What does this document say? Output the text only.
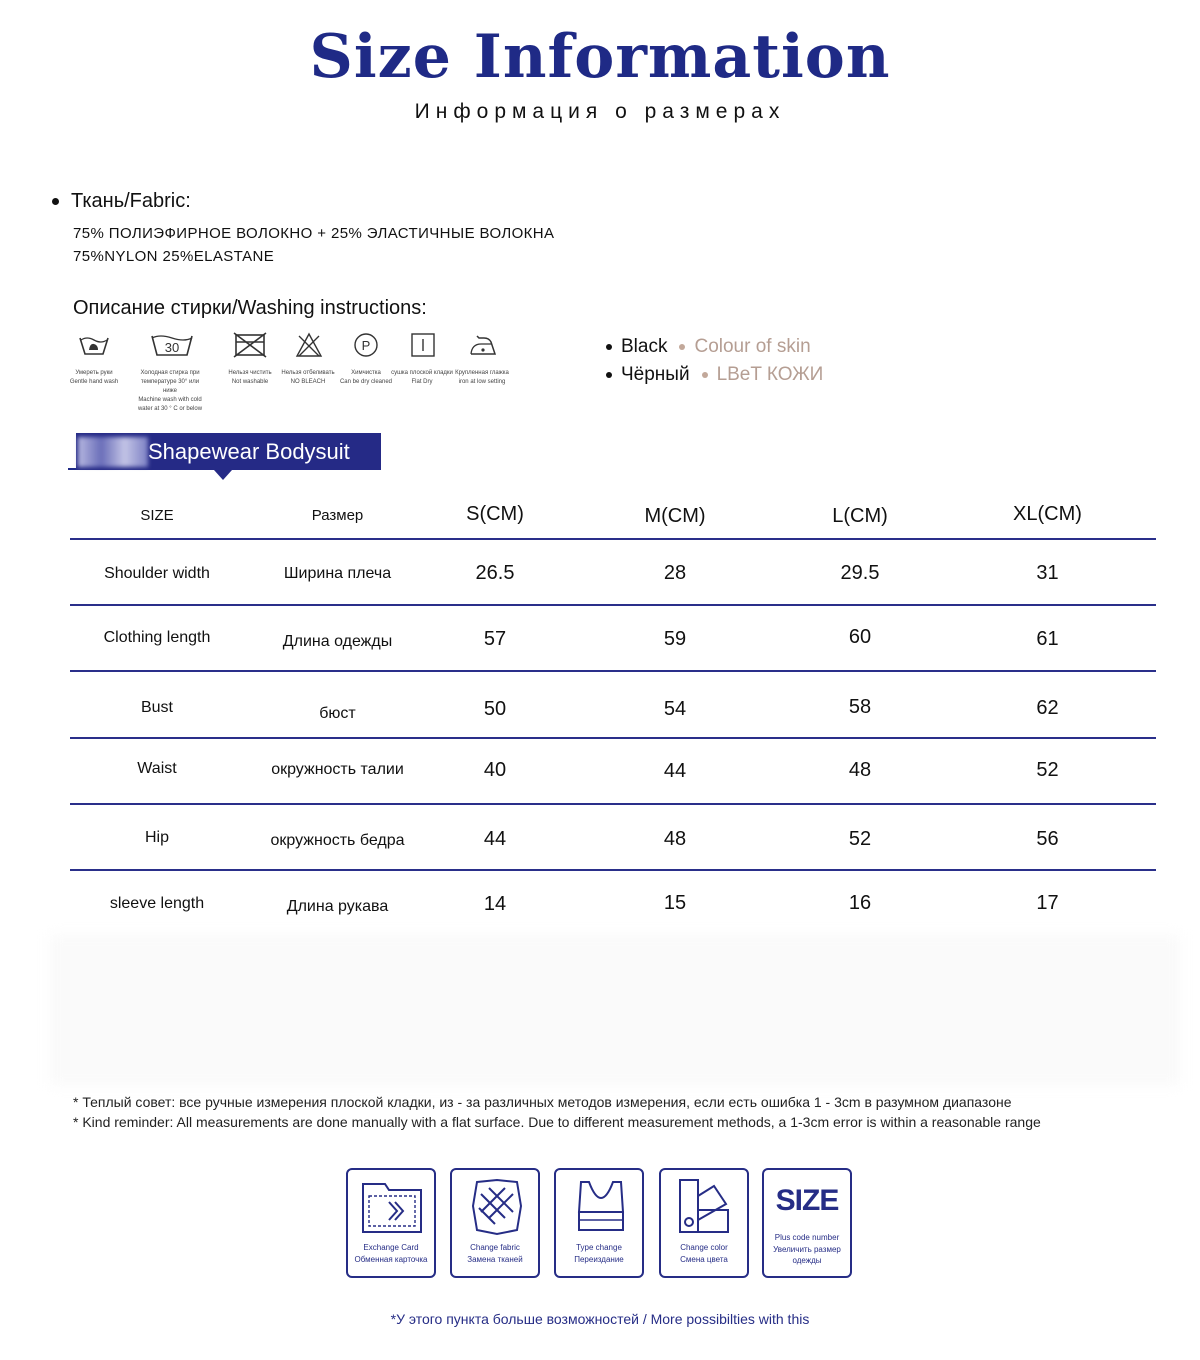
Size Information
Информация о размерах
Ткань/Fabric:
75% ПОЛИЭФИРНОЕ ВОЛОКНО + 25% ЭЛАСТИЧНЫЕ ВОЛОКНА
75%NYLON 25%ELASTANE
Описание стирки/Washing instructions:
30	P
Умереть руки
Gentle hand wash
Холодная стирка при температуре 30° или ниже
Machine wash with cold water at 30 ° C or below
Нельзя чистить
Not washable
Нельзя отбеливать
NO BLEACH
Химчистка
Can be dry cleaned
сушка плоской кладки
Flat Dry
Крупленная глажка
iron at low setting
Black Colour of skin
Чёрный LBeT КОЖИ
Shapewear Bodysuit
SIZE	Размер	S(CM)	M(CM)	L(CM)	XL(CM)
Shoulder width	Ширина плеча	26.5	28	29.5	31
Clothing length	Длина одежды	57	59	60	61
Bust	бюст	50	54	58	62
Waist	окружность талии	40	44	48	52
Hip	окружность бедра	44	48	52	56
sleeve length	Длина рукава	14	15	16	17
* Теплый совет: все ручные измерения плоской кладки, из - за различных методов измерения, если есть ошибка 1 - 3cm в разумном диапазоне
* Kind reminder: All measurements are done manually with a flat surface. Due to different measurement methods, a 1-3cm error is within a reasonable range
Exchange Card
Обменная карточка
Change fabric
Замена тканей
Type change
Переиздание
Change color
Смена цвета
SIZE
Plus code number
Увеличить размер одежды
*У этого пункта больше возможностей / More possibilties with this
